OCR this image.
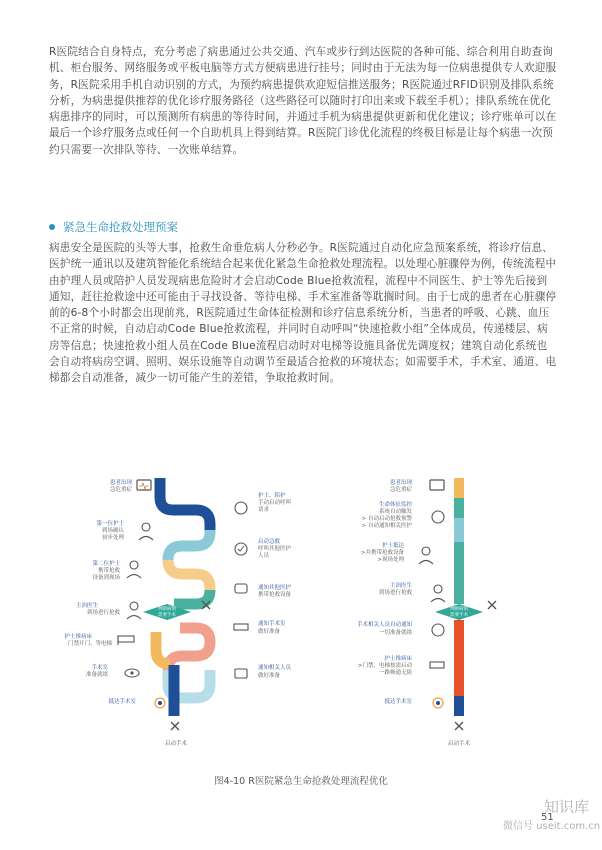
R医院结合自身特点，充分考虑了病患通过公共交通、汽车或步行到达医院的各种可能、综合利用自助查询机、柜台服务、网络服务或平板电脑等方式方便病患进行挂号；同时由于无法为每一位病患提供专人欢迎服务，R医院采用手机自动识别的方式，为预约病患提供欢迎短信推送服务；R医院通过RFID识别及排队系统分析，为病患提供推荐的优化诊疗服务路径（这些路径可以随时打印出来或下载至手机）；排队系统在优化病患排序的同时，可以预测所有病患的等待时间，并通过手机为病患提供更新和优化建议；诊疗账单可以在最后一个诊疗服务点或任何一个自助机具上得到结算。R医院门诊优化流程的终极目标是让每个病患一次预约只需要一次排队等待、一次账单结算。

紧急生命抢救处理预案

病患安全是医院的头等大事，抢救生命垂危病人分秒必争。R医院通过自动化应急预案系统，将诊疗信息、医护统一通讯以及建筑智能化系统结合起来优化紧急生命抢救处理流程。以处理心脏骤停为例，传统流程中由护理人员或陪护人员发现病患危险时才会启动Code Blue抢救流程，流程中不同医生、护士等先后接到通知，赶往抢救途中还可能由于寻找设备、等待电梯、手术室准备等耽搁时间。由于七成的患者在心脏骤停前的6-8个小时都会出现前兆，R医院通过生命体征检测和诊疗信息系统分析，当患者的呼吸、心跳、血压不正常的时候，自动启动Code Blue抢救流程，并同时自动呼叫“快速抢救小组”全体成员，传递楼层、病房等信息；快速抢救小组人员在Code Blue流程启动时对电梯等设施具备优先调度权；建筑自动化系统也会自动将病房空调、照明、娱乐设施等自动调节至最适合抢救的环境状态；如需要手术，手术室、通道、电梯都会自动准备，减少一切可能产生的差错，争取抢救时间。

判断病情
需要手术
患者出现
急危重症
第一位护士
到场确认
初步处理
第二位护士
携带抢救
设备到现场
主治医生
到场进行抢救
护士推病床
门禁开门、等电梯
手术室
准备就绪
抵达手术室
护士、陪护
手动启动呼叫
请求
启动急救
呼叫其他医护
人员
通知其他医护
携带抢救设备
通知手术室
做好准备
通知相关人员
做好准备
启动手术
判断病情
需要手术
患者出现
急危重症
生命体征监控
系统自动触发
> 自动启动抢救预警
> 自动通知相关医护
护士抵达
>并携带抢救设备
>现场处理
主治医生
到场进行抢救
手术相关人员自动通知
一切准备就绪
护士推病床
>门禁、电梯按需启动
一路畅通无阻
抵达手术室
启动手术
图4-10 R医院紧急生命抢救处理流程优化
知识库
51
微信号 useit.com.cn
